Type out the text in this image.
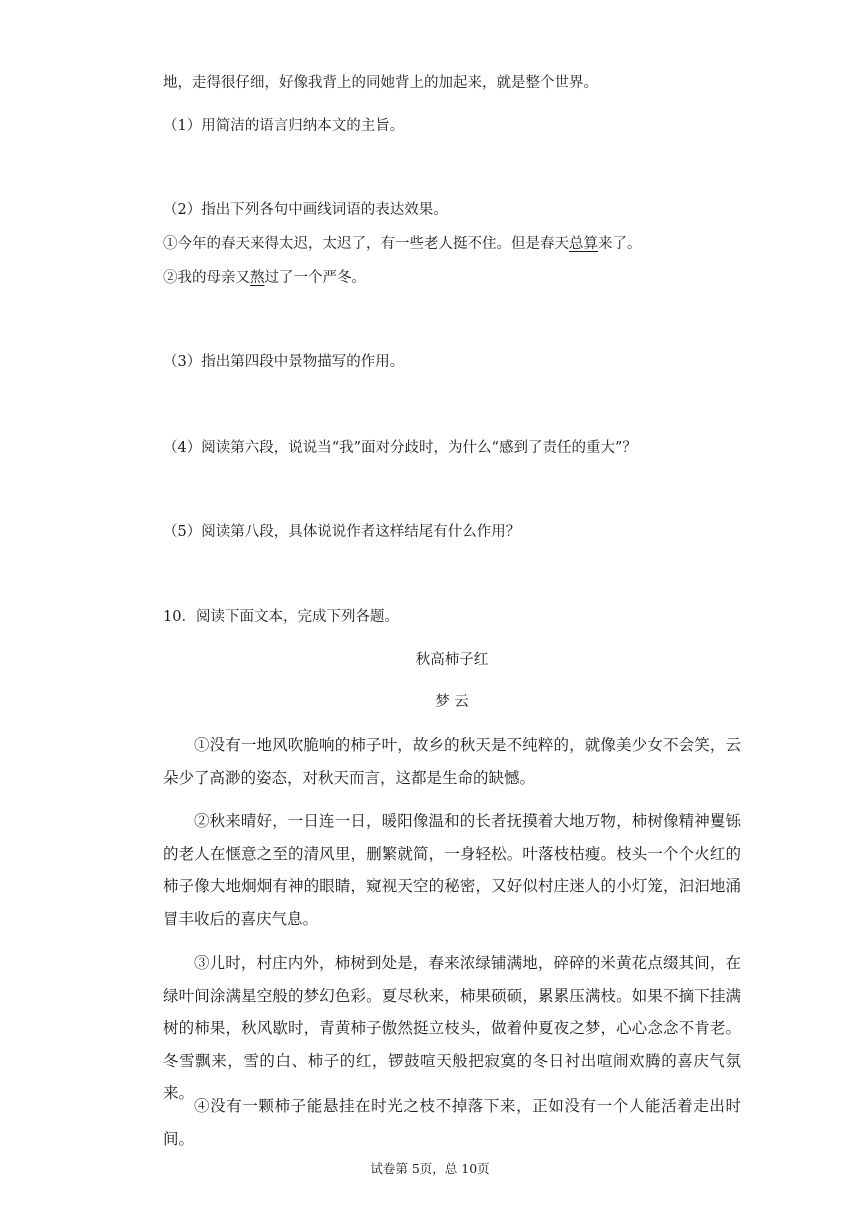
地，走得很仔细，好像我背上的同她背上的加起来，就是整个世界。

（1）用简洁的语言归纳本文的主旨。

（2）指出下列各句中画线词语的表达效果。

①今年的春天来得太迟，太迟了，有一些老人挺不住。但是春天总算来了。

②我的母亲又熬过了一个严冬。

（3）指出第四段中景物描写的作用。

（4）阅读第六段，说说当“我”面对分歧时，为什么“感到了责任的重大”？

（5）阅读第八段，具体说说作者这样结尾有什么作用？

10．阅读下面文本，完成下列各题。

秋高柿子红

梦 云

①没有一地风吹脆响的柿子叶，故乡的秋天是不纯粹的，就像美少女不会笑，云朵少了高渺的姿态，对秋天而言，这都是生命的缺憾。

②秋来晴好，一日连一日，暖阳像温和的长者抚摸着大地万物，柿树像精神矍铄的老人在惬意之至的清风里，删繁就简，一身轻松。叶落枝枯瘦。枝头一个个火红的柿子像大地炯炯有神的眼睛，窥视天空的秘密，又好似村庄迷人的小灯笼，汩汩地涌冒丰收后的喜庆气息。

③儿时，村庄内外，柿树到处是，春来浓绿铺满地，碎碎的米黄花点缀其间，在绿叶间涂满星空般的梦幻色彩。夏尽秋来，柿果硕硕，累累压满枝。如果不摘下挂满树的柿果，秋风歇时，青黄柿子傲然挺立枝头，做着仲夏夜之梦，心心念念不肯老。冬雪飘来，雪的白、柿子的红，锣鼓喧天般把寂寞的冬日衬出喧闹欢腾的喜庆气氛来。

④没有一颗柿子能悬挂在时光之枝不掉落下来，正如没有一个人能活着走出时间。

试卷第 5页，总 10页
